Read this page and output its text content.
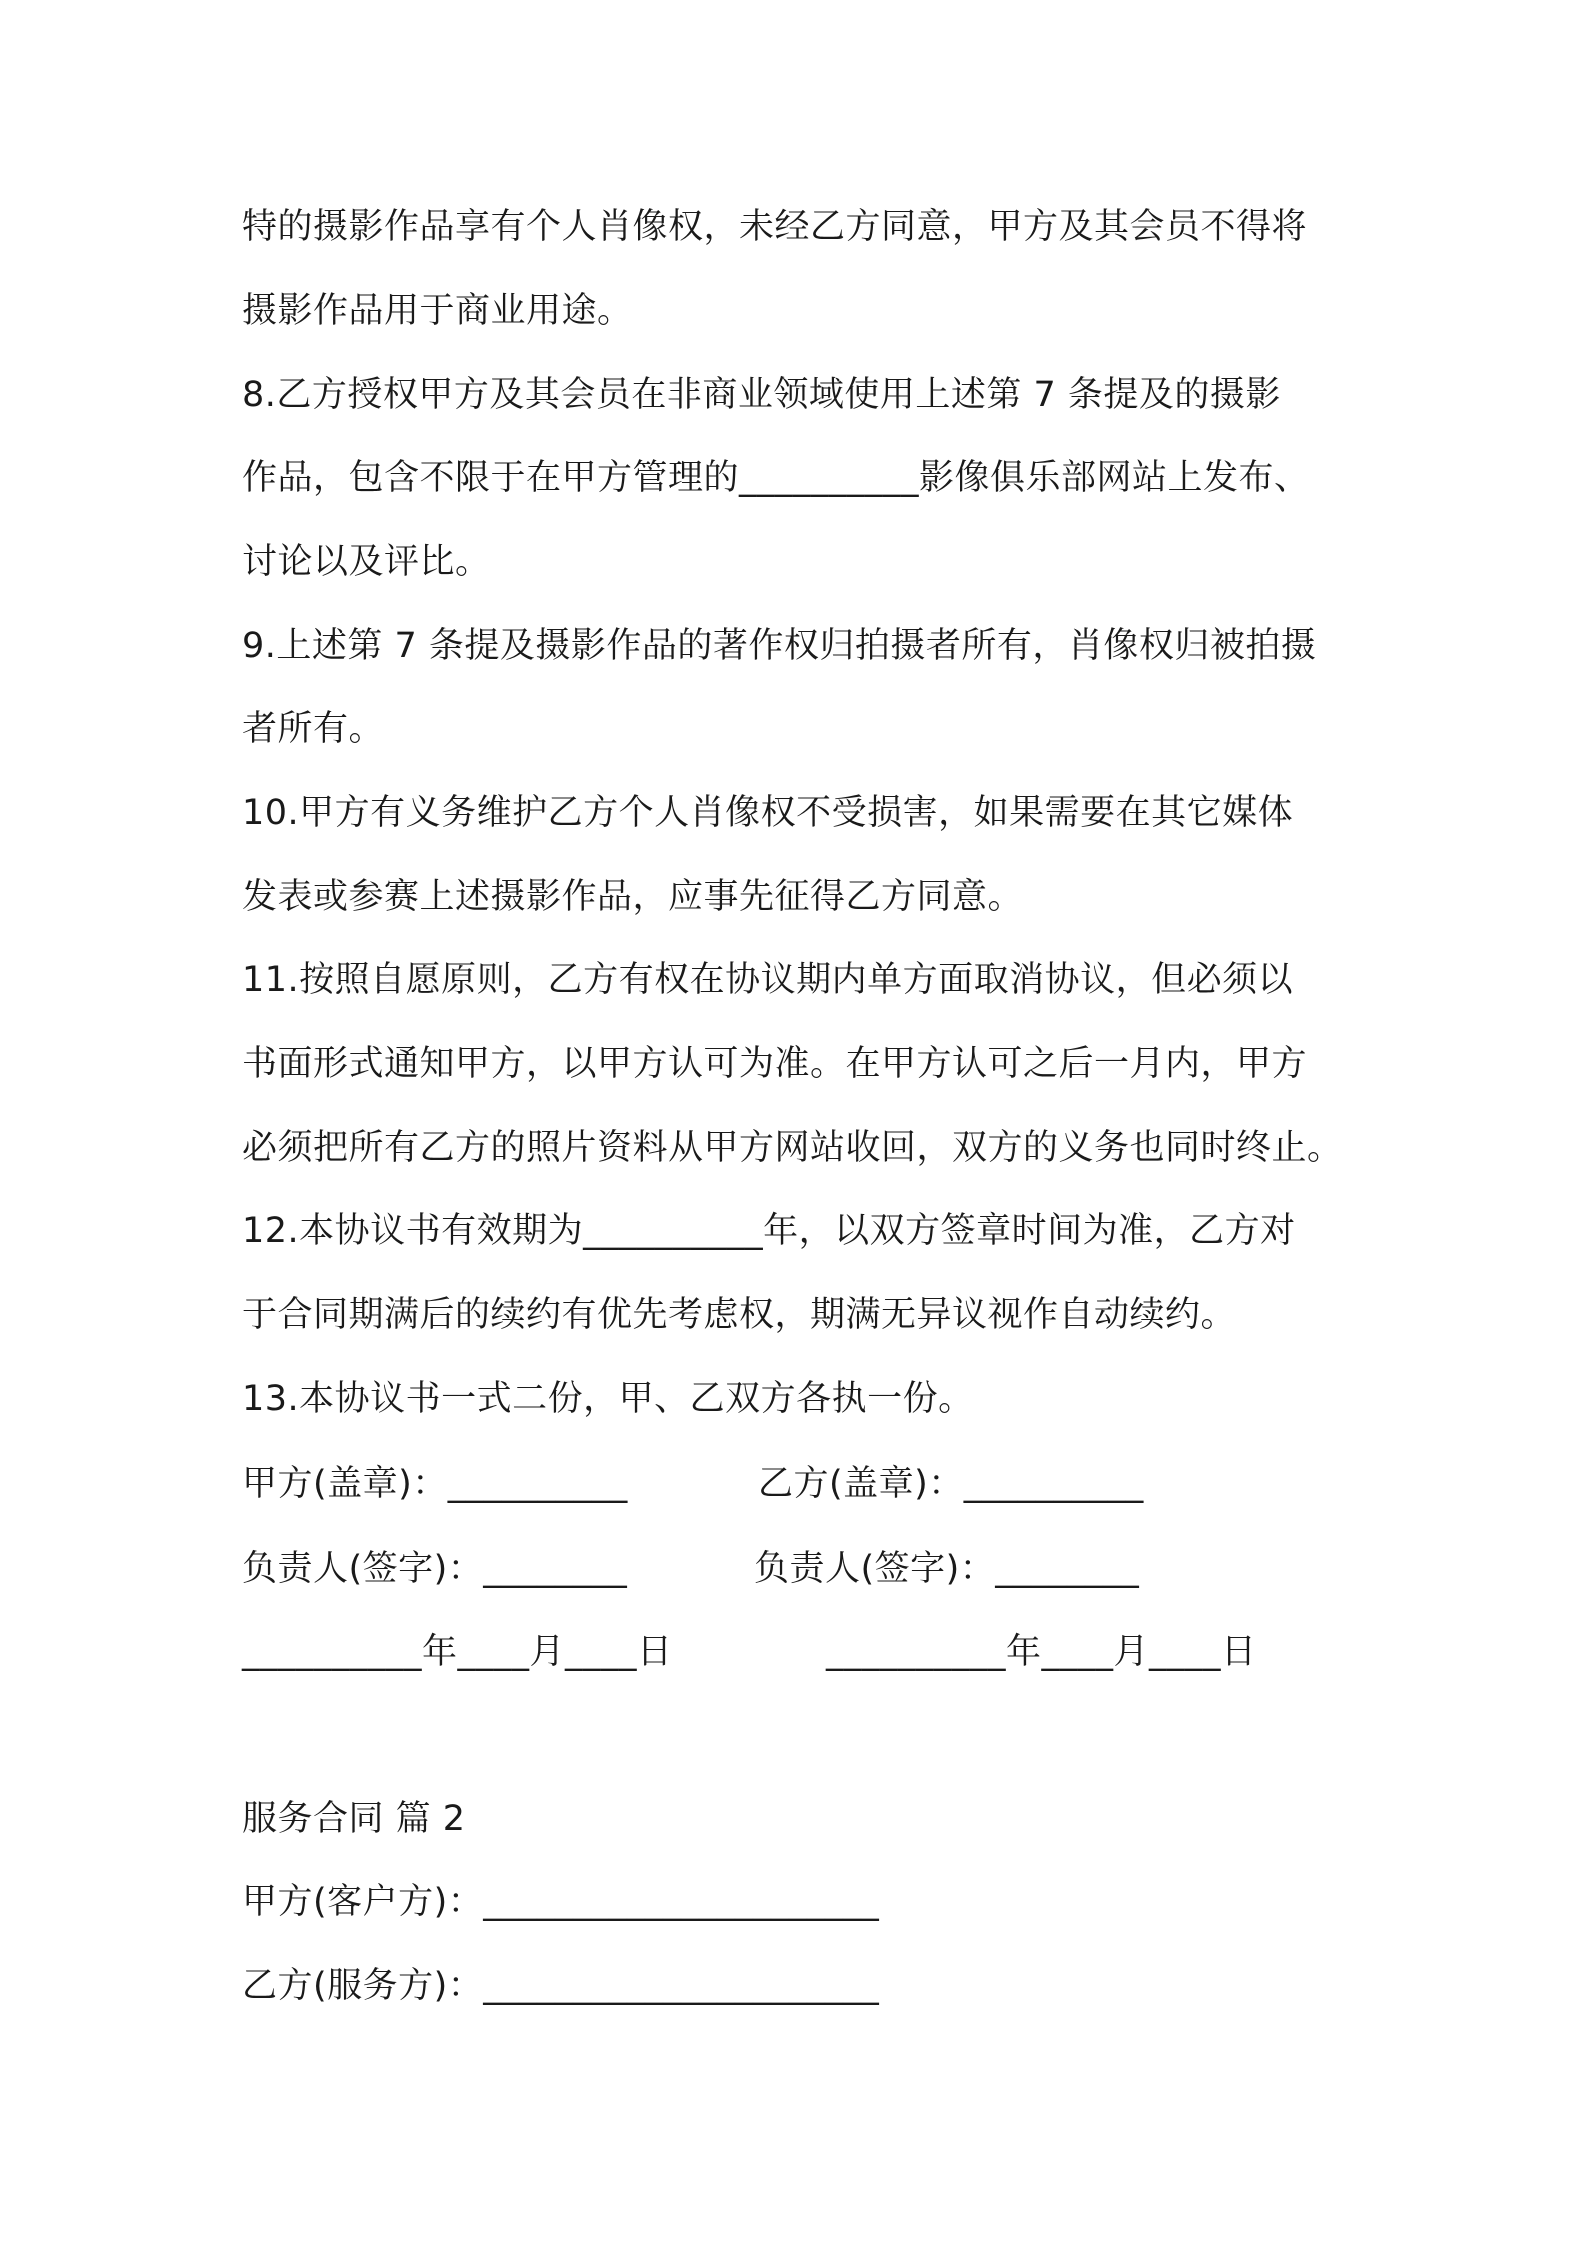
特的摄影作品享有个人肖像权，未经乙方同意，甲方及其会员不得将
摄影作品用于商业用途。
8.乙方授权甲方及其会员在非商业领域使用上述第 7 条提及的摄影
作品，包含不限于在甲方管理的__________影像俱乐部网站上发布、
讨论以及评比。
9.上述第 7 条提及摄影作品的著作权归拍摄者所有，肖像权归被拍摄
者所有。
10.甲方有义务维护乙方个人肖像权不受损害，如果需要在其它媒体
发表或参赛上述摄影作品，应事先征得乙方同意。
11.按照自愿原则，乙方有权在协议期内单方面取消协议，但必须以
书面形式通知甲方，以甲方认可为准。在甲方认可之后一月内，甲方
必须把所有乙方的照片资料从甲方网站收回，双方的义务也同时终止。
12.本协议书有效期为__________年，以双方签章时间为准，乙方对
于合同期满后的续约有优先考虑权，期满无异议视作自动续约。
13.本协议书一式二份，甲、乙双方各执一份。
甲方(盖章)：__________	乙方(盖章)：__________
负责人(签字)：________	负责人(签字)：________
__________年____月____日	__________年____月____日
服务合同 篇 2
甲方(客户方)：______________________
乙方(服务方)：______________________
